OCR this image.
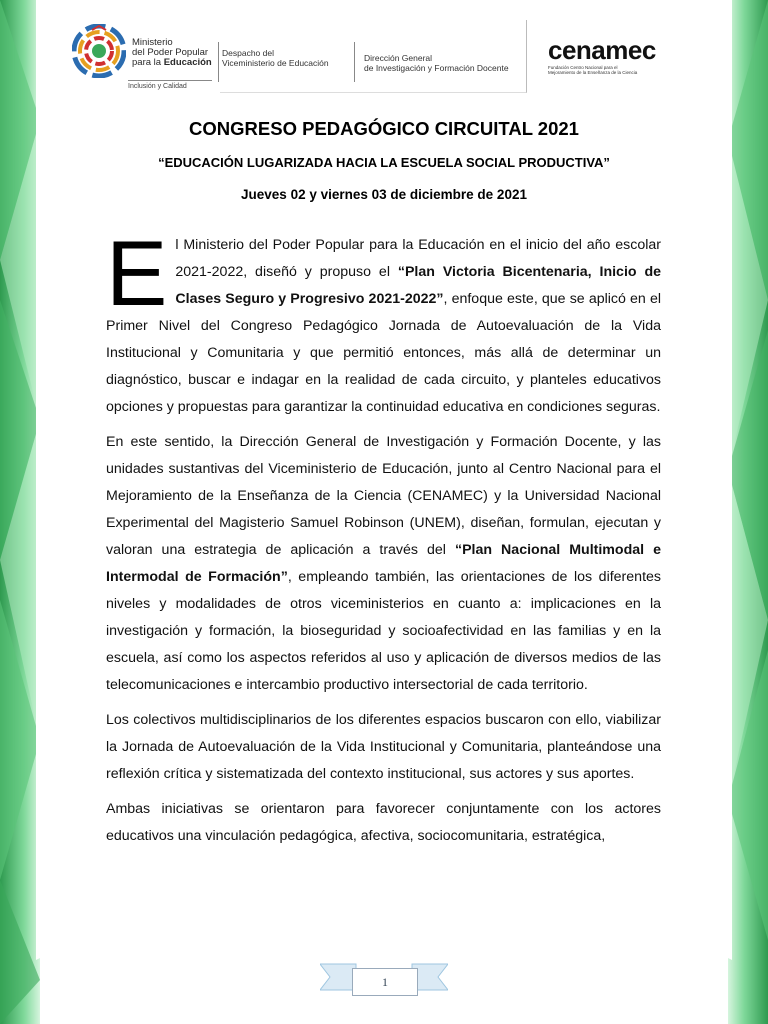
Ministerio
del Poder Popular
para la Educación
Inclusión y Calidad
Despacho del
Viceministerio de Educación	Dirección General
de Investigación y Formación Docente
cenamec
Fundación Centro Nacional para el
Mejoramiento de la Enseñanza de la Ciencia
CONGRESO PEDAGÓGICO CIRCUITAL 2021
“EDUCACIÓN LUGARIZADA HACIA LA ESCUELA SOCIAL PRODUCTIVA”
Jueves 02 y viernes 03 de diciembre de 2021

El Ministerio del Poder Popular para la Educación en el inicio del año escolar 2021-2022, diseñó y propuso el “Plan Victoria Bicentenaria, Inicio de Clases Seguro y Progresivo 2021-2022”, enfoque este, que se aplicó en el Primer Nivel del Congreso Pedagógico Jornada de Autoevaluación de la Vida Institucional y Comunitaria y que permitió entonces, más allá de determinar un diagnóstico, buscar e indagar en la realidad de cada circuito, y planteles educativos opciones y propuestas para garantizar la continuidad educativa en condiciones seguras.

En este sentido, la Dirección General de Investigación y Formación Docente, y las unidades sustantivas del Viceministerio de Educación, junto al Centro Nacional para el Mejoramiento de la Enseñanza de la Ciencia (CENAMEC) y la Universidad Nacional Experimental del Magisterio Samuel Robinson (UNEM), diseñan, formulan, ejecutan y valoran una estrategia de aplicación a través del “Plan Nacional Multimodal e Intermodal de Formación”, empleando también, las orientaciones de los diferentes niveles y modalidades de otros viceministerios en cuanto a: implicaciones en la investigación y formación, la bioseguridad y socioafectividad en las familias y en la escuela, así como los aspectos referidos al uso y aplicación de diversos medios de las telecomunicaciones e intercambio productivo intersectorial de cada territorio.

Los colectivos multidisciplinarios de los diferentes espacios buscaron con ello, viabilizar la Jornada de Autoevaluación de la Vida Institucional y Comunitaria, planteándose una reflexión crítica y sistematizada del contexto institucional, sus actores y sus aportes.

Ambas iniciativas se orientaron para favorecer conjuntamente con los actores educativos una vinculación pedagógica, afectiva, sociocomunitaria, estratégica,

1
